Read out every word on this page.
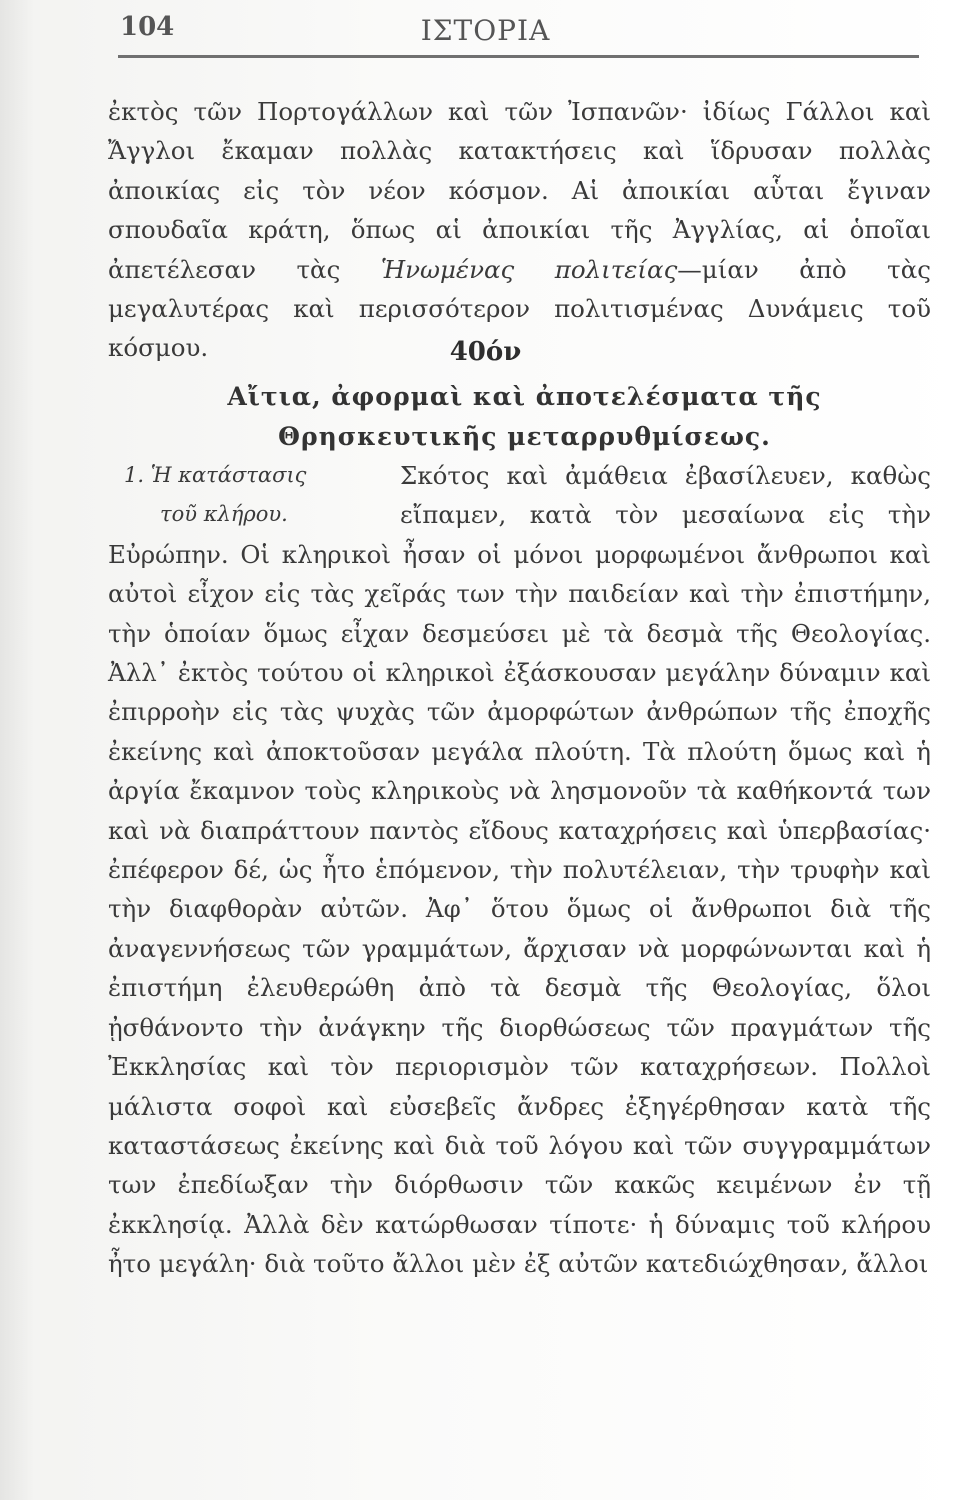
104	ΙΣΤΟΡΙΑ

ἐκτὸς τῶν Πορτογάλλων καὶ τῶν Ἰσπανῶν· ἰδίως Γάλλοι καὶ Ἄγγλοι ἔκαμαν πολλὰς κατακτήσεις καὶ ἵδρυσαν πολλὰς ἀποικίας εἰς τὸν νέον κόσμον. Αἱ ἀποικίαι αὗται ἔγιναν σπουδαῖα κράτη, ὅπως αἱ ἀποικίαι τῆς Ἀγγλίας, αἱ ὁποῖαι ἀπετέλεσαν τὰς Ἡνωμένας πολιτείας—μίαν ἀπὸ τὰς μεγαλυτέρας καὶ περισσότερον πολιτισμένας Δυνάμεις τοῦ κόσμου.	40όν
Αἴτια, ἀφορμαὶ καὶ ἀποτελέσματα τῆς Θρησκευτικῆς μεταρρυθμίσεως.
1. Ἡ κατάστασις
τοῦ κλήρου.

Σκότος καὶ ἀμάθεια ἐβασίλευεν, καθὼς εἴπαμεν, κατὰ τὸν μεσαίωνα εἰς τὴν Εὐρώπην. Οἱ κληρικοὶ ἦσαν οἱ μόνοι μορφωμένοι ἄνθρωποι καὶ αὐτοὶ εἶχον εἰς τὰς χεῖράς των τὴν παιδείαν καὶ τὴν ἐπιστήμην, τὴν ὁποίαν ὅμως εἶχαν δεσμεύσει μὲ τὰ δεσμὰ τῆς Θεολογίας. Ἀλλ᾽ ἐκτὸς τούτου οἱ κληρικοὶ ἐξάσκουσαν μεγάλην δύναμιν καὶ ἐπιρροὴν εἰς τὰς ψυχὰς τῶν ἀμορφώτων ἀνθρώπων τῆς ἐποχῆς ἐκείνης καὶ ἀποκτοῦσαν μεγάλα πλούτη. Τὰ πλούτη ὅμως καὶ ἡ ἀργία ἔκαμνον τοὺς κληρικοὺς νὰ λησμονοῦν τὰ καθήκοντά των καὶ νὰ διαπράττουν παντὸς εἴδους καταχρήσεις καὶ ὑπερβασίας· ἐπέφερον δέ, ὡς ἦτο ἑπόμενον, τὴν πολυτέλειαν, τὴν τρυφὴν καὶ τὴν διαφθορὰν αὐτῶν. Ἀφ᾽ ὅτου ὅμως οἱ ἄνθρωποι διὰ τῆς ἀναγεννήσεως τῶν γραμμάτων, ἄρχισαν νὰ μορφώνωνται καὶ ἡ ἐπιστήμη ἐλευθερώθη ἀπὸ τὰ δεσμὰ τῆς Θεολογίας, ὅλοι ᾐσθάνοντο τὴν ἀνάγκην τῆς διορθώσεως τῶν πραγμάτων τῆς Ἐκκλησίας καὶ τὸν περιορισμὸν τῶν καταχρήσεων. Πολλοὶ μάλιστα σοφοὶ καὶ εὐσεβεῖς ἄνδρες ἐξηγέρθησαν κατὰ τῆς καταστάσεως ἐκείνης καὶ διὰ τοῦ λόγου καὶ τῶν συγγραμμάτων των ἐπεδίωξαν τὴν διόρθωσιν τῶν κακῶς κειμένων ἐν τῇ ἐκκλησίᾳ. Ἀλλὰ δὲν κατώρθωσαν τίποτε· ἡ δύναμις τοῦ κλήρου ἦτο μεγάλη· διὰ τοῦτο ἄλλοι μὲν ἐξ αὐτῶν κατεδιώχθησαν, ἄλλοι
